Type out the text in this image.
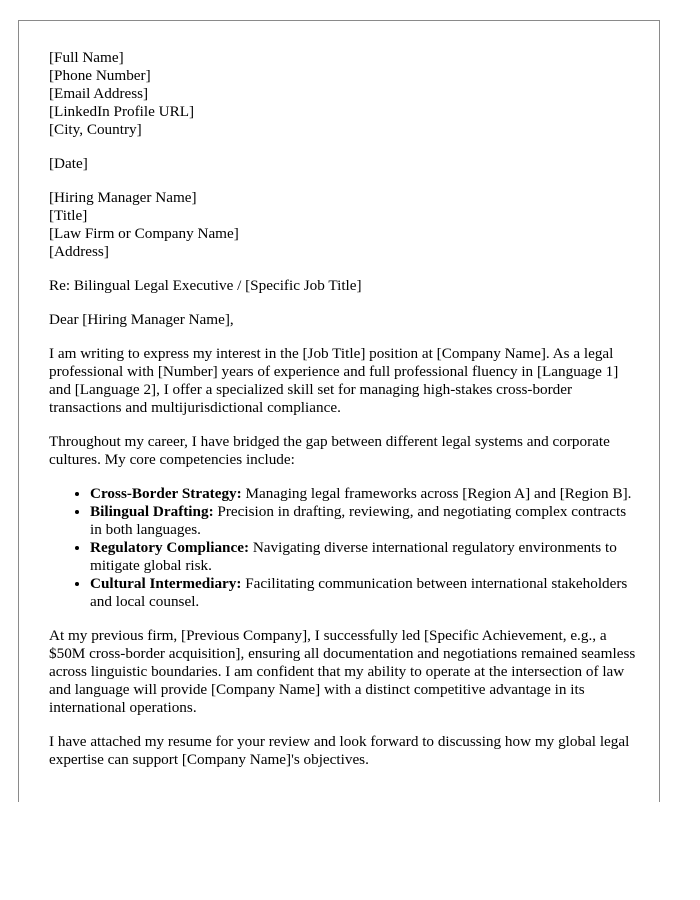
[Full Name]
[Phone Number]
[Email Address]
[LinkedIn Profile URL]
[City, Country]
[Date]
[Hiring Manager Name]
[Title]
[Law Firm or Company Name]
[Address]

Re: Bilingual Legal Executive / [Specific Job Title]

Dear [Hiring Manager Name],

I am writing to express my interest in the [Job Title] position at [Company Name]. As a legal professional with [Number] years of experience and full professional fluency in [Language 1] and [Language 2], I offer a specialized skill set for managing high-stakes cross-border transactions and multijurisdictional compliance.

Throughout my career, I have bridged the gap between different legal systems and corporate cultures. My core competencies include:

• Cross-Border Strategy: Managing legal frameworks across [Region A] and [Region B].
• Bilingual Drafting: Precision in drafting, reviewing, and negotiating complex contracts in both languages.
• Regulatory Compliance: Navigating diverse international regulatory environments to mitigate global risk.
• Cultural Intermediary: Facilitating communication between international stakeholders and local counsel.

At my previous firm, [Previous Company], I successfully led [Specific Achievement, e.g., a $50M cross-border acquisition], ensuring all documentation and negotiations remained seamless across linguistic boundaries. I am confident that my ability to operate at the intersection of law and language will provide [Company Name] with a distinct competitive advantage in its international operations.

I have attached my resume for your review and look forward to discussing how my global legal expertise can support [Company Name]'s objectives.
